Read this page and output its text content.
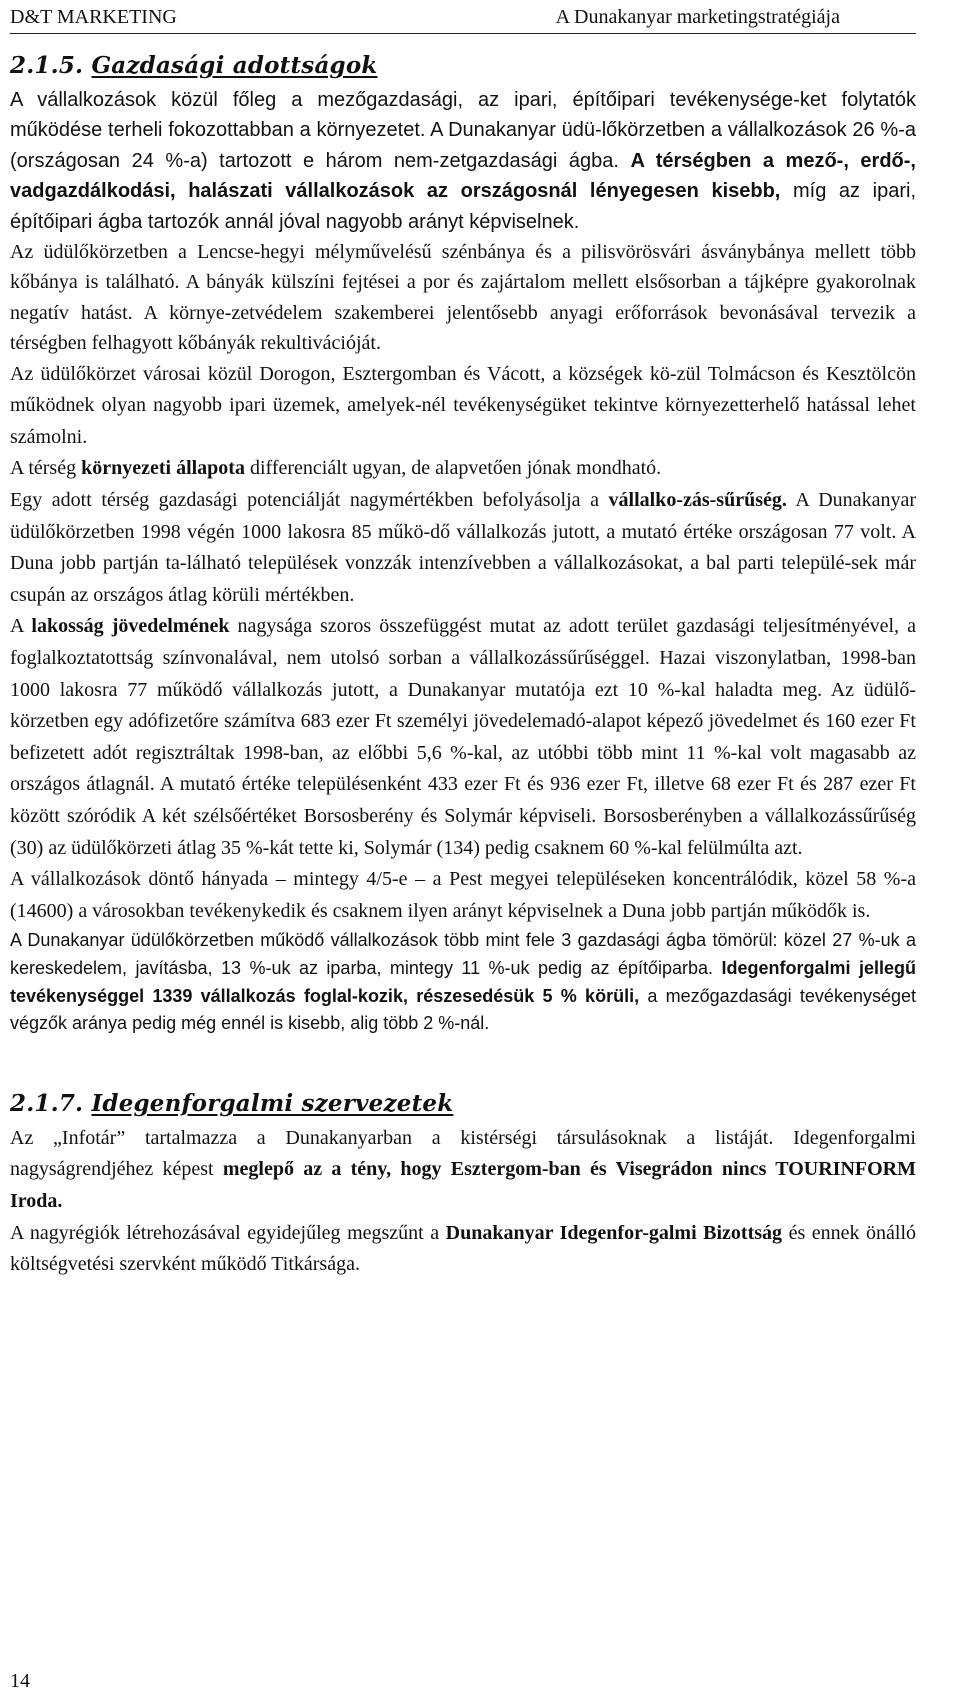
D&T MARKETING	A Dunakanyar marketingstratégiája
2.1.5. Gazdasági adottságok

A vállalkozások közül főleg a mezőgazdasági, az ipari, építőipari tevékenysége-ket folytatók működése terheli fokozottabban a környezetet. A Dunakanyar üdü-lőkörzetben a vállalkozások 26 %-a (országosan 24 %-a) tartozott e három nem-zetgazdasági ágba. A térségben a mező-, erdő-, vadgazdálkodási, halászati vállalkozások az országosnál lényegesen kisebb, míg az ipari, építőipari ágba tartozók annál jóval nagyobb arányt képviselnek.

Az üdülőkörzetben a Lencse-hegyi mélyművelésű szénbánya és a pilisvörösvári ásványbánya mellett több kőbánya is található. A bányák külszíni fejtései a por és zajártalom mellett elsősorban a tájképre gyakorolnak negatív hatást. A környe-zetvédelem szakemberei jelentősebb anyagi erőforrások bevonásával tervezik a térségben felhagyott kőbányák rekultivációját.

Az üdülőkörzet városai közül Dorogon, Esztergomban és Vácott, a községek kö-zül Tolmácson és Kesztölcön működnek olyan nagyobb ipari üzemek, amelyek-nél tevékenységüket tekintve környezetterhelő hatással lehet számolni.

A térség környezeti állapota differenciált ugyan, de alapvetően jónak mondható.

Egy adott térség gazdasági potenciálját nagymértékben befolyásolja a vállalko-zás-sűrűség. A Dunakanyar üdülőkörzetben 1998 végén 1000 lakosra 85 műkö-dő vállalkozás jutott, a mutató értéke országosan 77 volt. A Duna jobb partján ta-lálható települések vonzzák intenzívebben a vállalkozásokat, a bal parti települé-sek már csupán az országos átlag körüli mértékben.

A lakosság jövedelmének nagysága szoros összefüggést mutat az adott terület gazdasági teljesítményével, a foglalkoztatottság színvonalával, nem utolsó sorban a vállalkozássűrűséggel. Hazai viszonylatban, 1998-ban 1000 lakosra 77 működő vállalkozás jutott, a Dunakanyar mutatója ezt 10 %-kal haladta meg. Az üdülő-körzetben egy adófizetőre számítva 683 ezer Ft személyi jövedelemadó-alapot képező jövedelmet és 160 ezer Ft befizetett adót regisztráltak 1998-ban, az előbbi 5,6 %-kal, az utóbbi több mint 11 %-kal volt magasabb az országos átlagnál. A mutató értéke településenként 433 ezer Ft és 936 ezer Ft, illetve 68 ezer Ft és 287 ezer Ft között szóródik A két szélsőértéket Borsosberény és Solymár képviseli. Borsosberényben a vállalkozássűrűség (30) az üdülőkörzeti átlag 35 %-kát tette ki, Solymár (134) pedig csaknem 60 %-kal felülmúlta azt.

A vállalkozások döntő hányada – mintegy 4/5-e – a Pest megyei településeken koncentrálódik, közel 58 %-a (14600) a városokban tevékenykedik és csaknem ilyen arányt képviselnek a Duna jobb partján működők is.

A Dunakanyar üdülőkörzetben működő vállalkozások több mint fele 3 gazdasági ágba tömörül: közel 27 %-uk a kereskedelem, javításba, 13 %-uk az iparba, mintegy 11 %-uk pedig az építőiparba. Idegenforgalmi jellegű tevékenységgel 1339 vállalkozás foglal-kozik, részesedésük 5 % körüli, a mezőgazdasági tevékenységet végzők aránya pedig még ennél is kisebb, alig több 2 %-nál.

2.1.7. Idegenforgalmi szervezetek

Az „Infotár” tartalmazza a Dunakanyarban a kistérségi társulásoknak a listáját. Idegenforgalmi nagyságrendjéhez képest meglepő az a tény, hogy Esztergom-ban és Visegrádon nincs TOURINFORM Iroda.

A nagyrégiók létrehozásával egyidejűleg megszűnt a Dunakanyar Idegenfor-galmi Bizottság és ennek önálló költségvetési szervként működő Titkársága.

14
